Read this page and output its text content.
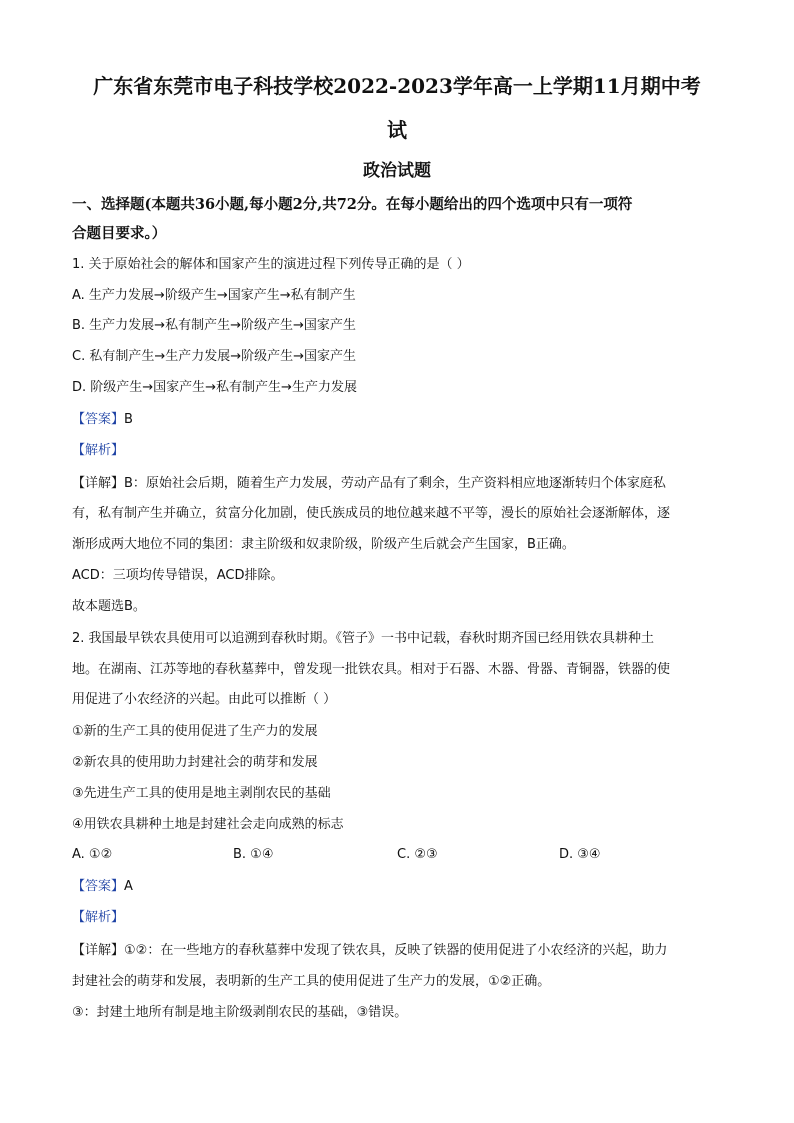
广东省东莞市电子科技学校2022-2023学年高一上学期11月期中考
试
政治试题
一、选择题(本题共36小题,每小题2分,共72分。在每小题给出的四个选项中只有一项符
合题目要求。）
1. 关于原始社会的解体和国家产生的演进过程下列传导正确的是（ ）
A. 生产力发展→阶级产生→国家产生→私有制产生
B. 生产力发展→私有制产生→阶级产生→国家产生
C. 私有制产生→生产力发展→阶级产生→国家产生
D. 阶级产生→国家产生→私有制产生→生产力发展
【答案】B
【解析】
【详解】B：原始社会后期，随着生产力发展，劳动产品有了剩余，生产资料相应地逐渐转归个体家庭私
有，私有制产生并确立，贫富分化加剧，使氏族成员的地位越来越不平等，漫长的原始社会逐渐解体，逐
渐形成两大地位不同的集团：隶主阶级和奴隶阶级，阶级产生后就会产生国家，B正确。
ACD：三项均传导错误，ACD排除。
故本题选B。
2. 我国最早铁农具使用可以追溯到春秋时期。《管子》一书中记载，春秋时期齐国已经用铁农具耕种土
地。在湖南、江苏等地的春秋墓葬中，曾发现一批铁农具。相对于石器、木器、骨器、青铜器，铁器的使
用促进了小农经济的兴起。由此可以推断（ ）
①新的生产工具的使用促进了生产力的发展
②新农具的使用助力封建社会的萌芽和发展
③先进生产工具的使用是地主剥削农民的基础
④用铁农具耕种土地是封建社会走向成熟的标志
A. ①②	B. ①④	C. ②③	D. ③④
【答案】A
【解析】
【详解】①②：在一些地方的春秋墓葬中发现了铁农具，反映了铁器的使用促进了小农经济的兴起，助力
封建社会的萌芽和发展，表明新的生产工具的使用促进了生产力的发展，①②正确。
③：封建土地所有制是地主阶级剥削农民的基础，③错误。
